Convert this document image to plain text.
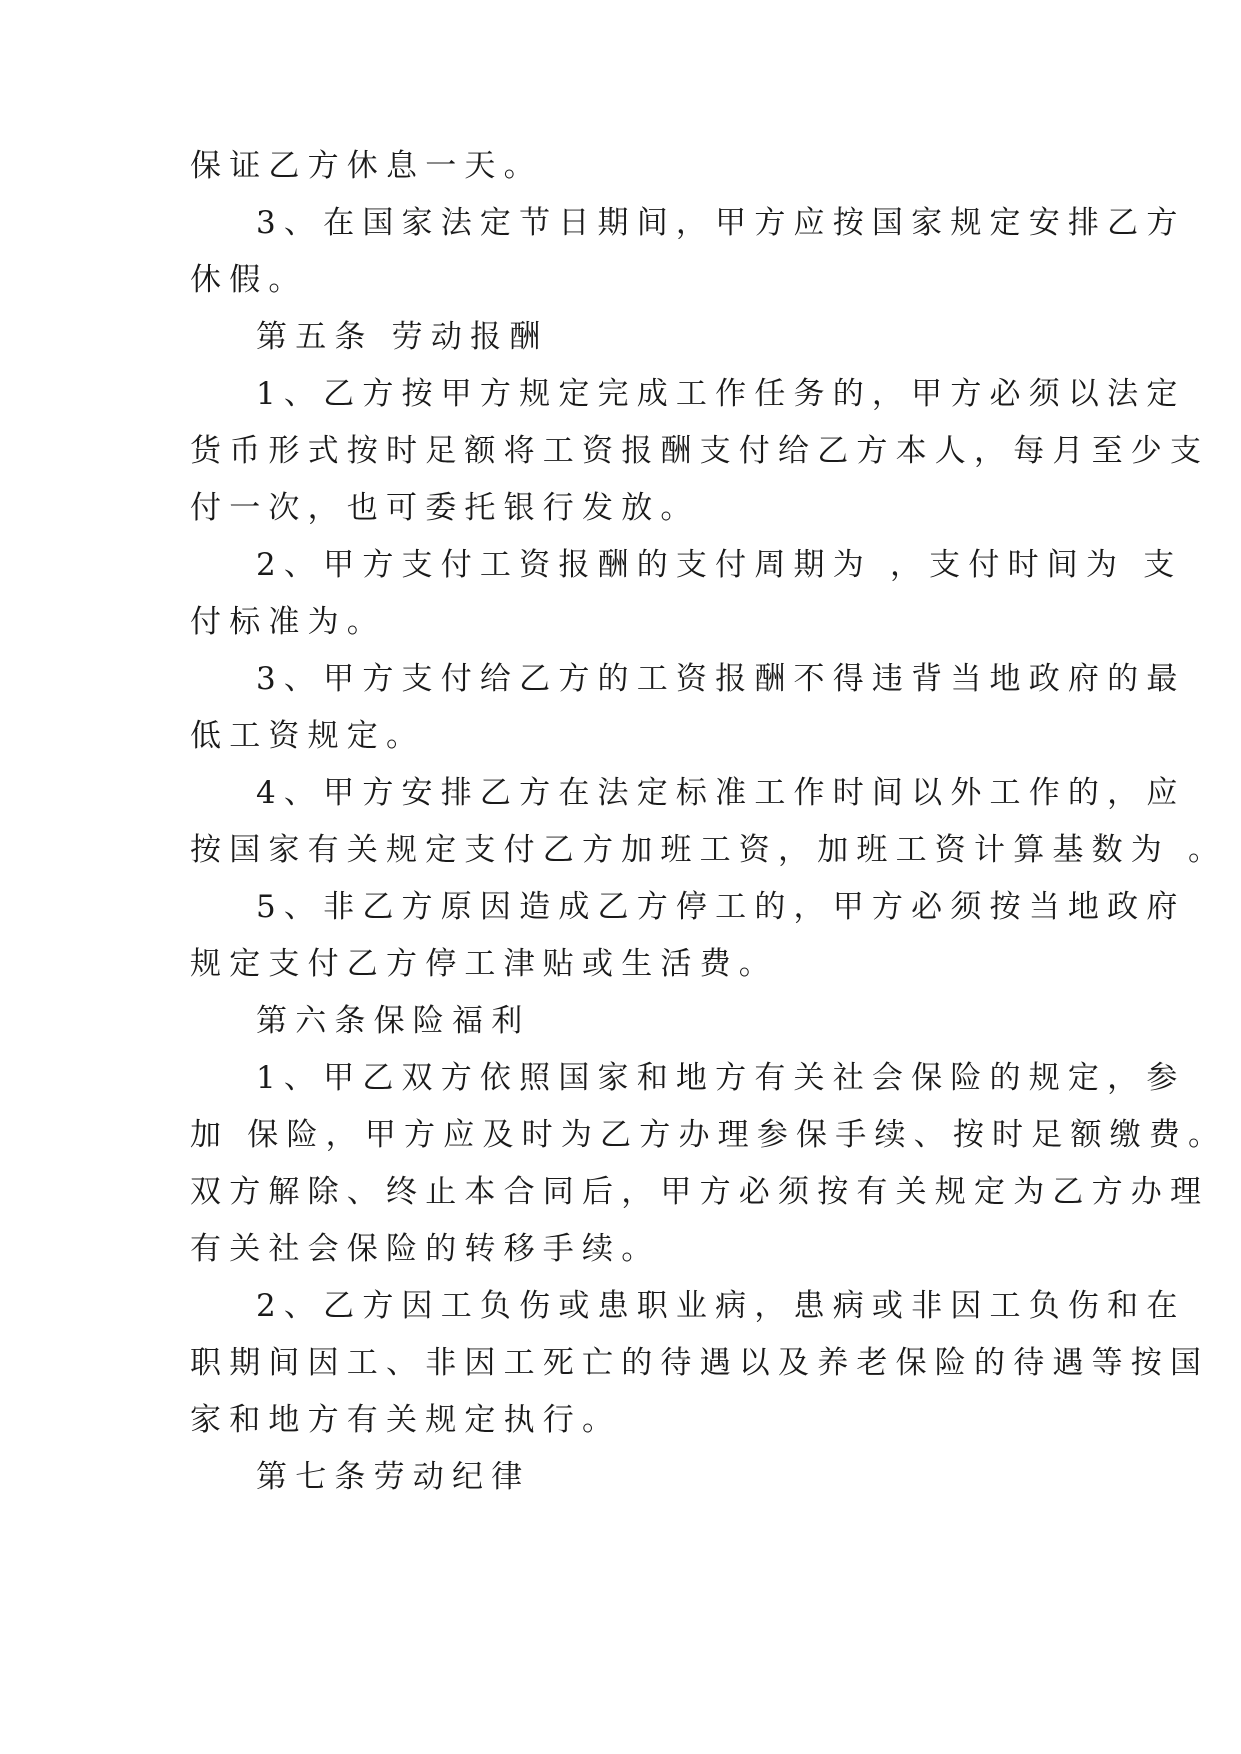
保证乙方休息一天。
3、在国家法定节日期间，甲方应按国家规定安排乙方
休假。
第五条 劳动报酬
1、乙方按甲方规定完成工作任务的，甲方必须以法定
货币形式按时足额将工资报酬支付给乙方本人，每月至少支
付一次，也可委托银行发放。
2、甲方支付工资报酬的支付周期为 ，支付时间为 支
付标准为。
3、甲方支付给乙方的工资报酬不得违背当地政府的最
低工资规定。
4、甲方安排乙方在法定标准工作时间以外工作的，应
按国家有关规定支付乙方加班工资，加班工资计算基数为 。
5、非乙方原因造成乙方停工的，甲方必须按当地政府
规定支付乙方停工津贴或生活费。
第六条保险福利
1、甲乙双方依照国家和地方有关社会保险的规定，参
加 保险，甲方应及时为乙方办理参保手续、按时足额缴费。
双方解除、终止本合同后，甲方必须按有关规定为乙方办理
有关社会保险的转移手续。
2、乙方因工负伤或患职业病，患病或非因工负伤和在
职期间因工、非因工死亡的待遇以及养老保险的待遇等按国
家和地方有关规定执行。
第七条劳动纪律
